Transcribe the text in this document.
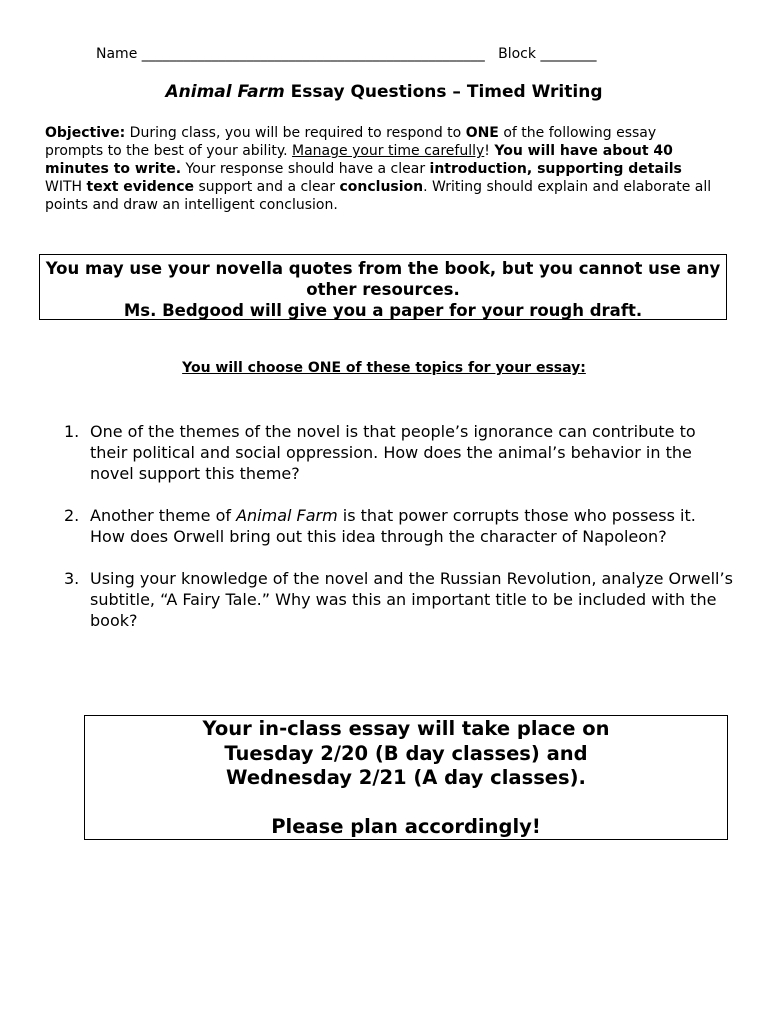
Name _________________________________________________ Block ________
Animal Farm Essay Questions – Timed Writing
Objective: During class, you will be required to respond to ONE of the following essay prompts to the best of your ability. Manage your time carefully! You will have about 40 minutes to write. Your response should have a clear introduction, supporting details WITH text evidence support and a clear conclusion. Writing should explain and elaborate all points and draw an intelligent conclusion.
You may use your novella quotes from the book, but you cannot use any other resources.
Ms. Bedgood will give you a paper for your rough draft.
You will choose ONE of these topics for your essay:
1. One of the themes of the novel is that people’s ignorance can contribute to their political and social oppression. How does the animal’s behavior in the novel support this theme?
2. Another theme of Animal Farm is that power corrupts those who possess it. How does Orwell bring out this idea through the character of Napoleon?
3. Using your knowledge of the novel and the Russian Revolution, analyze Orwell’s subtitle, “A Fairy Tale.” Why was this an important title to be included with the book?
Your in-class essay will take place on
Tuesday 2/20 (B day classes) and
Wednesday 2/21 (A day classes).
Please plan accordingly!
